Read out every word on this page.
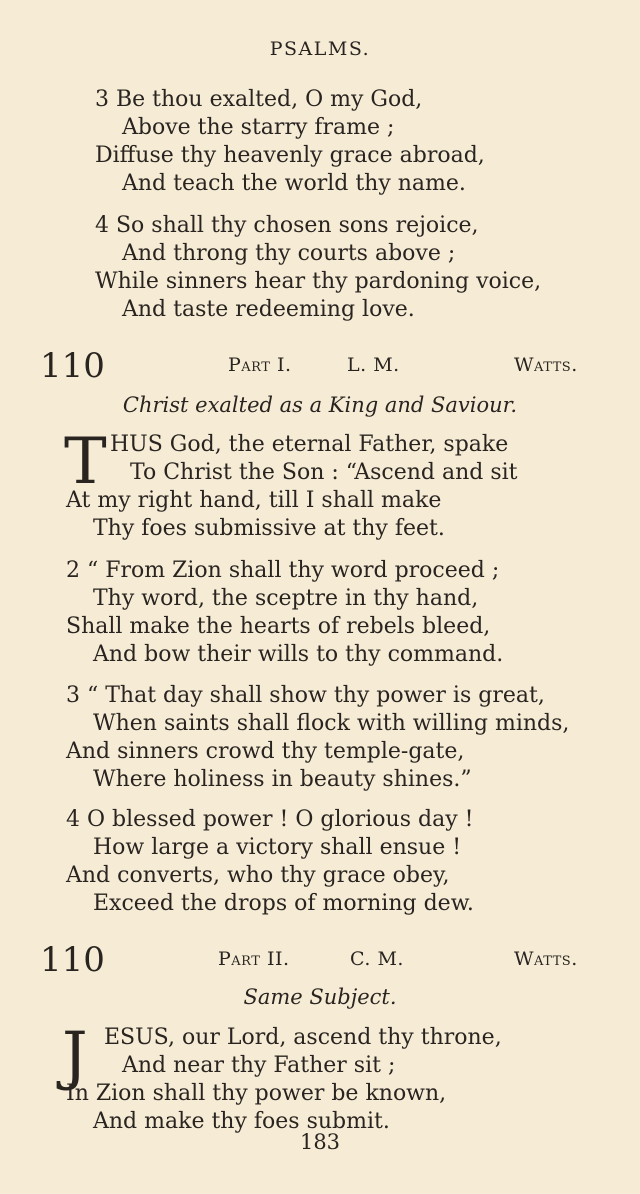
PSALMS.
3 Be thou exalted, O my God,
Above the starry frame ;
Diffuse thy heavenly grace abroad,
And teach the world thy name.
4 So shall thy chosen sons rejoice,
And throng thy courts above ;
While sinners hear thy pardoning voice,
And taste redeeming love.
110	Part I.	L. M.	Watts.
Christ exalted as a King and Saviour.
T HUS God, the eternal Father, spake
To Christ the Son : “Ascend and sit
At my right hand, till I shall make
Thy foes submissive at thy feet.
2 “ From Zion shall thy word proceed ;
Thy word, the sceptre in thy hand,
Shall make the hearts of rebels bleed,
And bow their wills to thy command.
3 “ That day shall show thy power is great,
When saints shall flock with willing minds,
And sinners crowd thy temple-gate,
Where holiness in beauty shines.”
4 O blessed power ! O glorious day !
How large a victory shall ensue !
And converts, who thy grace obey,
Exceed the drops of morning dew.
110	Part II.	C. M.	Watts.
Same Subject.
J ESUS, our Lord, ascend thy throne,
And near thy Father sit ;
In Zion shall thy power be known,
And make thy foes submit.
183
